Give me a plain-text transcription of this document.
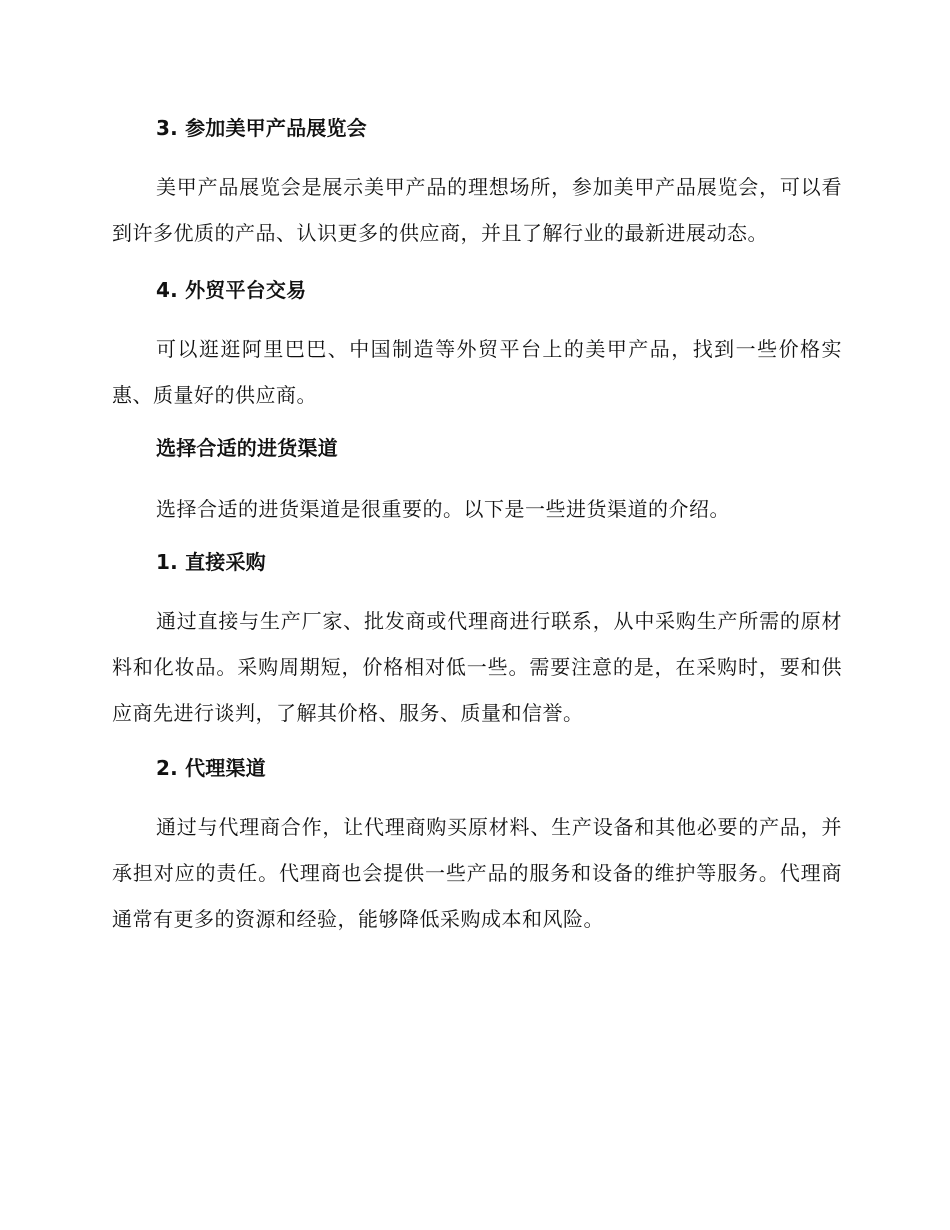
3. 参加美甲产品展览会

美甲产品展览会是展示美甲产品的理想场所，参加美甲产品展览会，可以看到许多优质的产品、认识更多的供应商，并且了解行业的最新进展动态。

4. 外贸平台交易

可以逛逛阿里巴巴、中国制造等外贸平台上的美甲产品，找到一些价格实惠、质量好的供应商。

选择合适的进货渠道

选择合适的进货渠道是很重要的。以下是一些进货渠道的介绍。

1. 直接采购

通过直接与生产厂家、批发商或代理商进行联系，从中采购生产所需的原材料和化妆品。采购周期短，价格相对低一些。需要注意的是，在采购时，要和供应商先进行谈判，了解其价格、服务、质量和信誉。

2. 代理渠道

通过与代理商合作，让代理商购买原材料、生产设备和其他必要的产品，并承担对应的责任。代理商也会提供一些产品的服务和设备的维护等服务。代理商通常有更多的资源和经验，能够降低采购成本和风险。
